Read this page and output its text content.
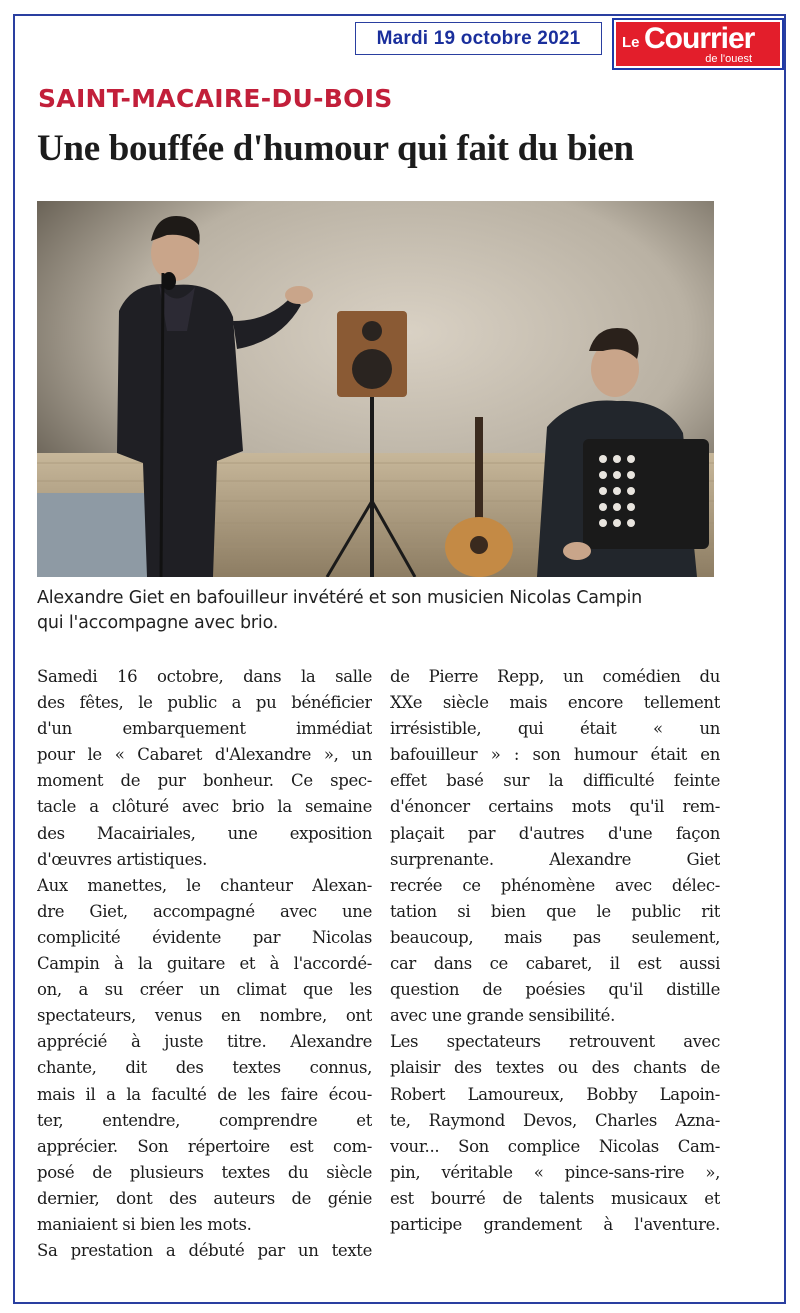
Mardi 19 octobre 2021	Le Courrier
de l'ouest
SAINT-MACAIRE-DU-BOIS
Une bouffée d'humour qui fait du bien
Alexandre Giet en bafouilleur invétéré et son musicien Nicolas Campin
qui l'accompagne avec brio.
Samedi 16 octobre, dans la salle
des fêtes, le public a pu bénéficier
d'un embarquement immédiat
pour le « Cabaret d'Alexandre », un
moment de pur bonheur. Ce spec-
tacle a clôturé avec brio la semaine
des Macairiales, une exposition
d'œuvres artistiques.
Aux manettes, le chanteur Alexan-
dre Giet, accompagné avec une
complicité évidente par Nicolas
Campin à la guitare et à l'accordé-
on, a su créer un climat que les
spectateurs, venus en nombre, ont
apprécié à juste titre. Alexandre
chante, dit des textes connus,
mais il a la faculté de les faire écou-
ter, entendre, comprendre et
apprécier. Son répertoire est com-
posé de plusieurs textes du siècle
dernier, dont des auteurs de génie
maniaient si bien les mots.
Sa prestation a débuté par un texte
de Pierre Repp, un comédien du
XXe siècle mais encore tellement
irrésistible, qui était « un
bafouilleur » : son humour était en
effet basé sur la difficulté feinte
d'énoncer certains mots qu'il rem-
plaçait par d'autres d'une façon
surprenante. Alexandre Giet
recrée ce phénomène avec délec-
tation si bien que le public rit
beaucoup, mais pas seulement,
car dans ce cabaret, il est aussi
question de poésies qu'il distille
avec une grande sensibilité.
Les spectateurs retrouvent avec
plaisir des textes ou des chants de
Robert Lamoureux, Bobby Lapoin-
te, Raymond Devos, Charles Azna-
vour... Son complice Nicolas Cam-
pin, véritable « pince-sans-rire »,
est bourré de talents musicaux et
participe grandement à l'aventure.
